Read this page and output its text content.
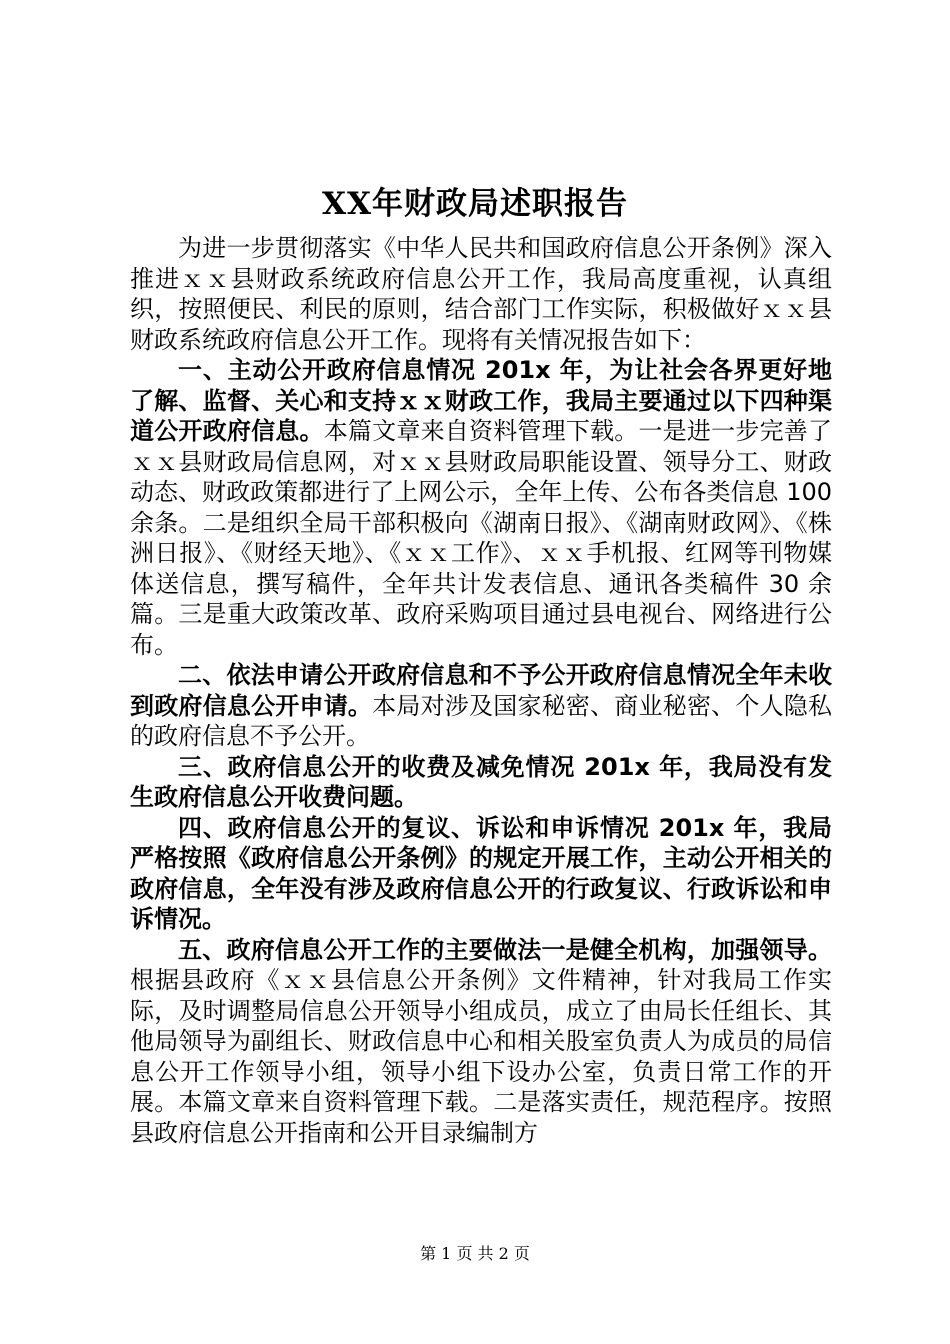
XX年财政局述职报告

为进一步贯彻落实《中华人民共和国政府信息公开条例》深入推进ｘｘ县财政系统政府信息公开工作，我局高度重视，认真组织，按照便民、利民的原则，结合部门工作实际，积极做好ｘｘ县财政系统政府信息公开工作。现将有关情况报告如下：

一、主动公开政府信息情况 201x 年，为让社会各界更好地了解、监督、关心和支持ｘｘ财政工作，我局主要通过以下四种渠道公开政府信息。本篇文章来自资料管理下载。一是进一步完善了ｘｘ县财政局信息网，对ｘｘ县财政局职能设置、领导分工、财政动态、财政政策都进行了上网公示，全年上传、公布各类信息 100 余条。二是组织全局干部积极向《湖南日报》、《湖南财政网》、《株洲日报》、《财经天地》、《ｘｘ工作》、ｘｘ手机报、红网等刊物媒体送信息，撰写稿件，全年共计发表信息、通讯各类稿件 30 余篇。三是重大政策改革、政府采购项目通过县电视台、网络进行公布。

二、依法申请公开政府信息和不予公开政府信息情况全年未收到政府信息公开申请。本局对涉及国家秘密、商业秘密、个人隐私的政府信息不予公开。

三、政府信息公开的收费及减免情况 201x 年，我局没有发生政府信息公开收费问题。

四、政府信息公开的复议、诉讼和申诉情况 201x 年，我局严格按照《政府信息公开条例》的规定开展工作，主动公开相关的政府信息，全年没有涉及政府信息公开的行政复议、行政诉讼和申诉情况。

五、政府信息公开工作的主要做法一是健全机构，加强领导。根据县政府《ｘｘ县信息公开条例》文件精神，针对我局工作实际，及时调整局信息公开领导小组成员，成立了由局长任组长、其他局领导为副组长、财政信息中心和相关股室负责人为成员的局信息公开工作领导小组，领导小组下设办公室，负责日常工作的开展。本篇文章来自资料管理下载。二是落实责任，规范程序。按照县政府信息公开指南和公开目录编制方

第 1 页 共 2 页
